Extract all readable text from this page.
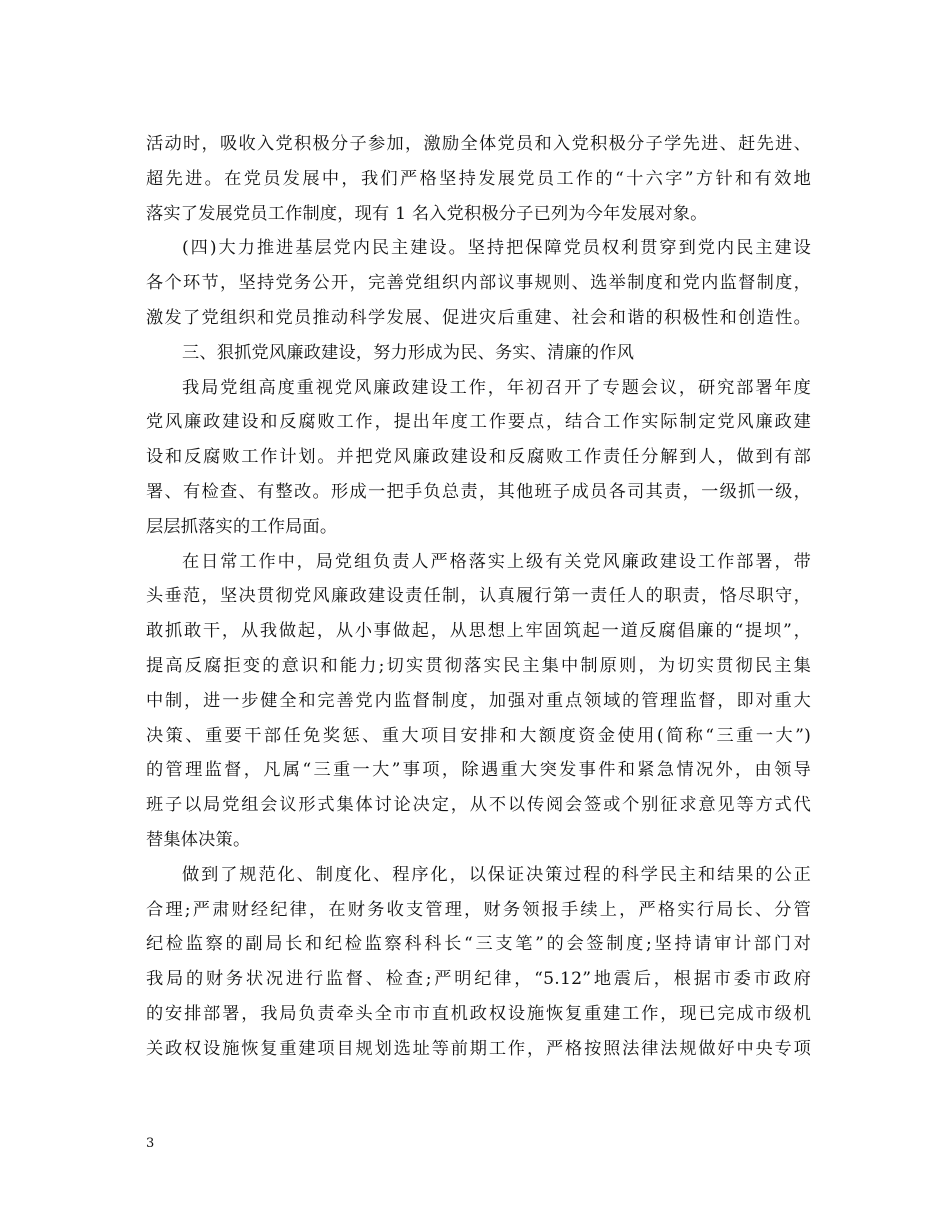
活动时，吸收入党积极分子参加，激励全体党员和入党积极分子学先进、赶先进、
超先进。在党员发展中，我们严格坚持发展党员工作的“十六字”方针和有效地
落实了发展党员工作制度，现有 1 名入党积极分子已列为今年发展对象。
(四)大力推进基层党内民主建设。坚持把保障党员权利贯穿到党内民主建设
各个环节，坚持党务公开，完善党组织内部议事规则、选举制度和党内监督制度，
激发了党组织和党员推动科学发展、促进灾后重建、社会和谐的积极性和创造性。
三、狠抓党风廉政建设，努力形成为民、务实、清廉的作风
我局党组高度重视党风廉政建设工作，年初召开了专题会议，研究部署年度
党风廉政建设和反腐败工作，提出年度工作要点，结合工作实际制定党风廉政建
设和反腐败工作计划。并把党风廉政建设和反腐败工作责任分解到人，做到有部
署、有检查、有整改。形成一把手负总责，其他班子成员各司其责，一级抓一级，
层层抓落实的工作局面。
在日常工作中，局党组负责人严格落实上级有关党风廉政建设工作部署，带
头垂范，坚决贯彻党风廉政建设责任制，认真履行第一责任人的职责，恪尽职守，
敢抓敢干，从我做起，从小事做起，从思想上牢固筑起一道反腐倡廉的“提坝”，
提高反腐拒变的意识和能力;切实贯彻落实民主集中制原则，为切实贯彻民主集
中制，进一步健全和完善党内监督制度，加强对重点领域的管理监督，即对重大
决策、重要干部任免奖惩、重大项目安排和大额度资金使用(简称“三重一大”)
的管理监督，凡属“三重一大”事项，除遇重大突发事件和紧急情况外，由领导
班子以局党组会议形式集体讨论决定，从不以传阅会签或个别征求意见等方式代
替集体决策。
做到了规范化、制度化、程序化，以保证决策过程的科学民主和结果的公正
合理;严肃财经纪律，在财务收支管理，财务领报手续上，严格实行局长、分管
纪检监察的副局长和纪检监察科科长“三支笔”的会签制度;坚持请审计部门对
我局的财务状况进行监督、检查;严明纪律，“5.12”地震后，根据市委市政府
的安排部署，我局负责牵头全市市直机政权设施恢复重建工作，现已完成市级机
关政权设施恢复重建项目规划选址等前期工作，严格按照法律法规做好中央专项
3
